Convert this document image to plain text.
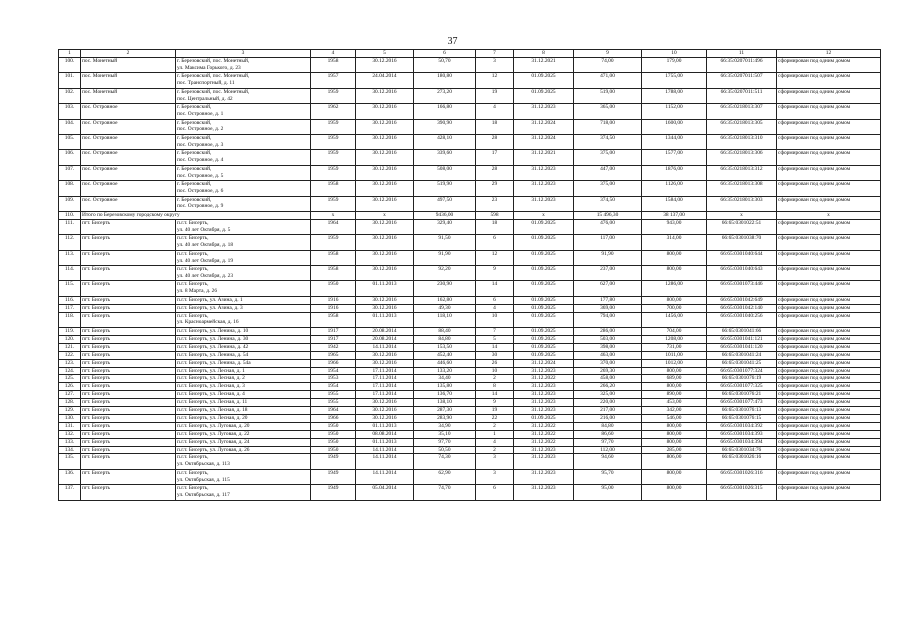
37
1	2	3	4	5	6	7	8	9	10	11	12
100.	пос. Монетный	г. Березовский, пос. Монетный,
ул. Максима Горького, д. 23	1958	30.12.2016	50,70	3	31.12.2021	74,00	179,00	66:35:0207011:496	сформирован под одним домом
101.	пос. Монетный	г. Березовский, пос. Монетный,
пос. Транспортный, д. 11	1957	24.04.2014	180,80	12	01.09.2025	471,00	1755,00	66:35:0207011:507	сформирован под одним домом
102.	пос. Монетный	г. Березовский, пос. Монетный,
пос. Центральный, д. 42	1959	30.12.2016	273,20	19	01.09.2025	519,00	1788,00	66:35:0207011:511	сформирован под одним домом
103.	пос. Островное	г. Березовский,
пос. Островное, д. 1	1962	30.12.2016	166,80	4	31.12.2023	365,00	1152,00	66:35:0218013:307	сформирован под одним домом
104.	пос. Островное	г. Березовский,
пос. Островное, д. 2	1959	30.12.2016	390,90	18	31.12.2024	718,00	1600,00	66:35:0218013:305	сформирован под одним домом
105.	пос. Островное	г. Березовский,
пос. Островное, д. 3	1959	30.12.2016	428,10	28	31.12.2024	374,50	1344,00	66:35:0218013:310	сформирован под одним домом
106.	пос. Островное	г. Березовский,
пос. Островное, д. 4	1959	30.12.2016	339,60	17	31.12.2021	375,00	1577,00	66:35:0218013:306	сформирован под одним домом
107.	пос. Островное	г. Березовский,
пос. Островное, д. 5	1959	30.12.2016	508,00	28	31.12.2023	447,00	1876,00	66:35:0218013:312	сформирован под одним домом
108.	пос. Островное	г. Березовский,
пос. Островное, д. 6	1958	30.12.2016	519,90	29	31.12.2023	375,00	1126,00	66:35:0218013:308	сформирован под одним домом
109.	пос. Островное	г. Березовский,
пос. Островное, д. 9	1959	30.12.2016	497,50	23	31.12.2023	374,50	1584,00	66:35:0218013:303	сформирован под одним домом
110.	Итого по Березовскому городскому округу		х	х	9436,00	598	х	15 496,30	38 137,00	х	х
111.	пгт. Бисерть	п.г.т. Бисерть,
ул. 40 лет Октября, д. 5	1964	30.12.2016	329,40	18	01.09.2025	476,00	943,00	66:65:0301022:51	сформирован под одним домом
112.	пгт. Бисерть	п.г.т. Бисерть,
ул. 40 лет Октября, д. 18	1959	30.12.2016	91,50	6	01.09.2025	117,00	314,00	66:65:0301038:70	сформирован под одним домом
113.	пгт. Бисерть	п.г.т. Бисерть,
ул. 40 лет Октября, д. 19	1958	30.12.2016	91,90	12	01.09.2025	91,90	800,00	66:65:0301040:644	сформирован под одним домом
114.	пгт. Бисерть	п.г.т. Бисерть,
ул. 40 лет Октября, д. 23	1958	30.12.2016	92,20	9	01.09.2025	237,00	800,00	66:65:0301040:643	сформирован под одним домом
115.	пгт. Бисерть	п.г.т. Бисерть,
ул. 8 Марта, д. 26	1950	01.11.2013	230,90	14	01.09.2025	627,00	1286,00	66:65:0301073:446	сформирован под одним домом
116.	пгт. Бисерть	п.г.т. Бисерть, ул. Азина, д. 1	1916	30.12.2016	162,80	6	01.09.2025	177,80	800,00	66:65:0301042:649	сформирован под одним домом
117.	пгт. Бисерть	п.г.т. Бисерть, ул. Азина, д. 3	1916	30.12.2016	49,30	4	01.09.2025	369,00	700,00	66:65:0301042:140	сформирован под одним домом
118.	пгт. Бисерть	п.г.т. Бисерть,
ул. Красноармейская, д. 16	1958	01.11.2013	118,10	10	01.09.2025	794,00	1456,00	66:65:0301040:256	сформирован под одним домом
119.	пгт. Бисерть	п.г.т. Бисерть, ул. Ленина, д. 10	1917	20.08.2014	88,40	7	01.09.2025	286,00	704,00	66:65:0301041:66	сформирован под одним домом
120.	пгт. Бисерть	п.г.т. Бисерть, ул. Ленина, д. 30	1917	20.08.2014	84,80	5	01.09.2025	503,00	1208,00	66:65:0301041:121	сформирован под одним домом
121.	пгт. Бисерть	п.г.т. Бисерть, ул. Ленина, д. 42	1942	14.11.2014	153,50	14	01.09.2025	398,00	731,00	66:65:0301041:120	сформирован под одним домом
122.	пгт. Бисерть	п.г.т. Бисерть, ул. Ленина, д. 54	1965	30.12.2016	452,40	30	01.09.2025	463,00	1011,00	66:65:0301041:24	сформирован под одним домом
123.	пгт. Бисерть	п.г.т. Бисерть, ул. Ленина, д. 54а	1966	30.12.2016	446,60	26	31.12.2024	370,00	1012,00	66:65:0301041:25	сформирован под одним домом
124.	пгт. Бисерть	п.г.т. Бисерть, ул. Лесная, д. 1	1954	17.11.2014	133,20	10	31.12.2023	269,30	800,00	66:65:0301077:324	сформирован под одним домом
125.	пгт. Бисерть	п.г.т. Бисерть, ул. Лесная, д. 2	1953	17.11.2014	34,40	2	31.12.2022	458,00	689,00	66:65:0301076:19	сформирован под одним домом
126.	пгт. Бисерть	п.г.т. Бисерть, ул. Лесная, д. 3	1954	17.11.2014	135,80	8	31.12.2023	266,20	800,00	66:65:0301077:325	сформирован под одним домом
127.	пгт. Бисерть	п.г.т. Бисерть, ул. Лесная, д. 4	1955	17.11.2014	136,70	14	31.12.2023	325,00	890,00	66:65:0301076:21	сформирован под одним домом
128.	пгт. Бисерть	п.г.т. Бисерть, ул. Лесная, д. 11	1955	30.12.2016	138,10	9	31.12.2023	220,00	453,00	66:65:0301077:473	сформирован под одним домом
129.	пгт. Бисерть	п.г.т. Бисерть, ул. Лесная, д. 18	1964	30.12.2016	287,30	19	31.12.2023	217,00	342,00	66:65:0301076:13	сформирован под одним домом
130.	пгт. Бисерть	п.г.т. Бисерть, ул. Лесная, д. 20	1966	30.12.2016	283,90	22	01.09.2025	216,00	546,00	66:65:0301076:15	сформирован под одним домом
131.	пгт. Бисерть	п.г.т. Бисерть, ул. Луговая, д. 20	1950	01.11.2013	34,90	2	31.12.2022	84,80	800,00	66:65:0301034:392	сформирован под одним домом
132.	пгт. Бисерть	п.г.т. Бисерть, ул. Луговая, д. 22	1950	08.08.2014	35,10	1	31.12.2022	86,60	800,00	66:65:0301034:393	сформирован под одним домом
133.	пгт. Бисерть	п.г.т. Бисерть, ул. Луговая, д. 24	1950	01.11.2013	97,70	4	31.12.2022	97,70	800,00	66:65:0301034:394	сформирован под одним домом
134.	пгт. Бисерть	п.г.т. Бисерть, ул. Луговая, д. 26	1950	14.11.2014	50,50	2	31.12.2023	112,00	285,00	66:65:0301034:76	сформирован под одним домом
135.	пгт. Бисерть	п.г.т. Бисерть,
ул. Октябрьская, д. 113	1949	14.11.2014	74,30	3	31.12.2023	94,60	806,00	66:65:0301026:16	сформирован под одним домом
136.	пгт. Бисерть	п.г.т. Бисерть,
ул. Октябрьская, д. 115	1949	14.11.2014	62,90	3	31.12.2023	95,70	800,00	66:65:0301026:316	сформирован под одним домом
137.	пгт. Бисерть	п.г.т. Бисерть,
ул. Октябрьская, д. 117	1949	05.04.2014	74,70	6	31.12.2023	95,00	800,00	66:65:0301026:315	сформирован под одним домом
